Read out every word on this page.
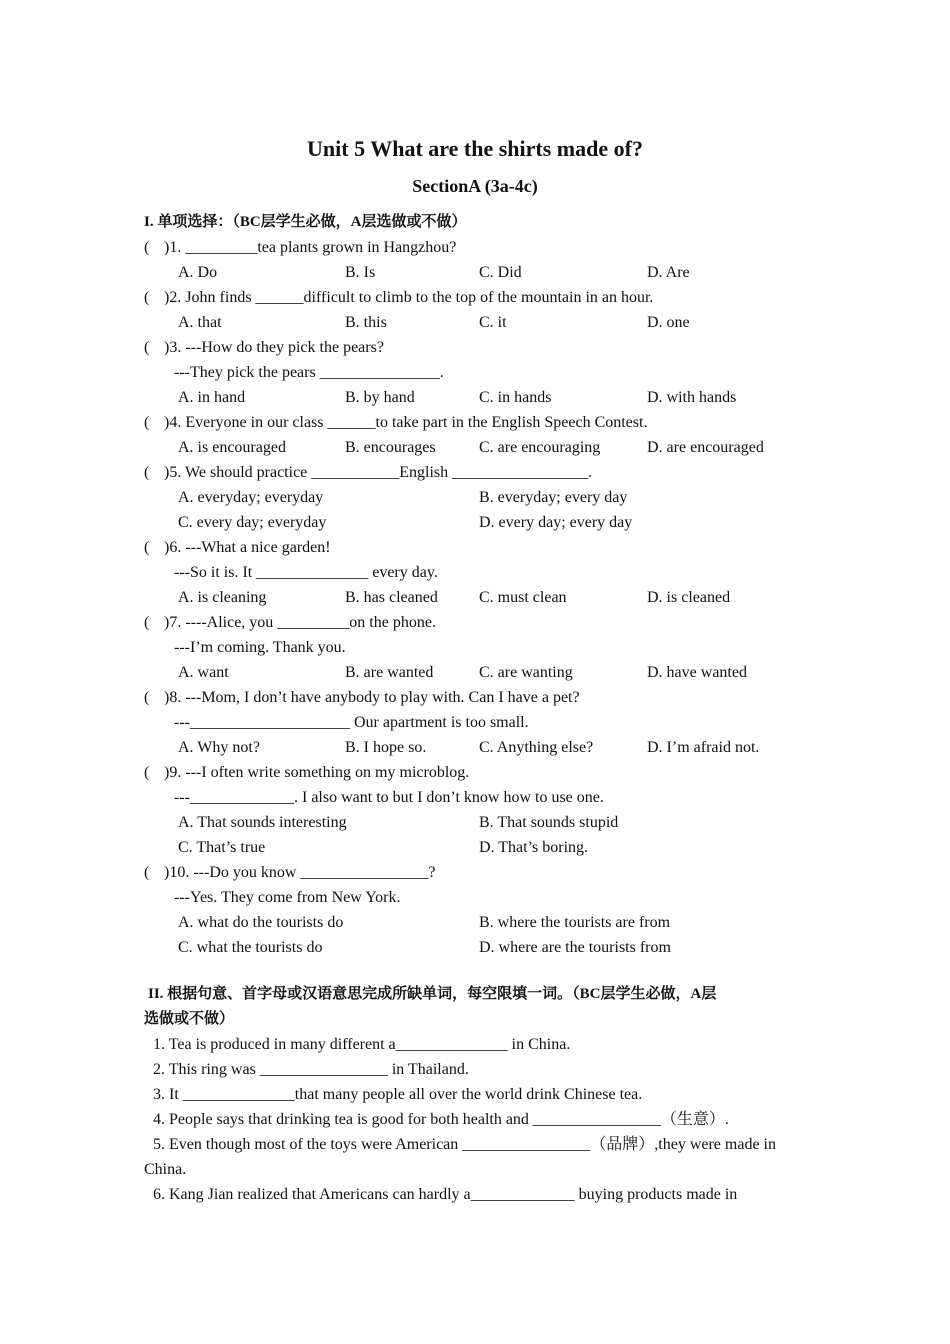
Unit 5 What are the shirts made of?
SectionA (3a-4c)
I. 单项选择：（BC层学生必做，A层选做或不做）
( )1. _________tea plants grown in Hangzhou?
A. Do	B. Is	C. Did	D. Are
( )2. John finds ______difficult to climb to the top of the mountain in an hour.
A. that	B. this	C. it	D. one
( )3. ---How do they pick the pears?
---They pick the pears _______________.
A. in hand	B. by hand	C. in hands	D. with hands
( )4. Everyone in our class ______to take part in the English Speech Contest.
A. is encouraged	B. encourages	C. are encouraging	D. are encouraged
( )5. We should practice ___________English _________________.
A. everyday; everyday	B. everyday; every day
C. every day; everyday	D. every day; every day
( )6. ---What a nice garden!
---So it is. It ______________ every day.
A. is cleaning	B. has cleaned	C. must clean	D. is cleaned
( )7. ----Alice, you _________on the phone.
---I’m coming. Thank you.
A. want	B. are wanted	C. are wanting	D. have wanted
( )8. ---Mom, I don’t have anybody to play with. Can I have a pet?
---____________________ Our apartment is too small.
A. Why not?	B. I hope so.	C. Anything else?	D. I’m afraid not.
( )9. ---I often write something on my microblog.
---_____________. I also want to but I don’t know how to use one.
A. That sounds interesting	B. That sounds stupid
C. That’s true	D. That’s boring.
( )10. ---Do you know ________________?
---Yes. They come from New York.
A. what do the tourists do	B. where the tourists are from
C. what the tourists do	D. where are the tourists from
II. 根据句意、首字母或汉语意思完成所缺单词，每空限填一词。（BC层学生必做，A层
选做或不做）
1. Tea is produced in many different a______________ in China.
2. This ring was ________________ in Thailand.
3. It ______________that many people all over the world drink Chinese tea.
4. People says that drinking tea is good for both health and ________________（生意）.
5. Even though most of the toys were American ________________（品牌）,they were made in
China.
6. Kang Jian realized that Americans can hardly a_____________ buying products made in
